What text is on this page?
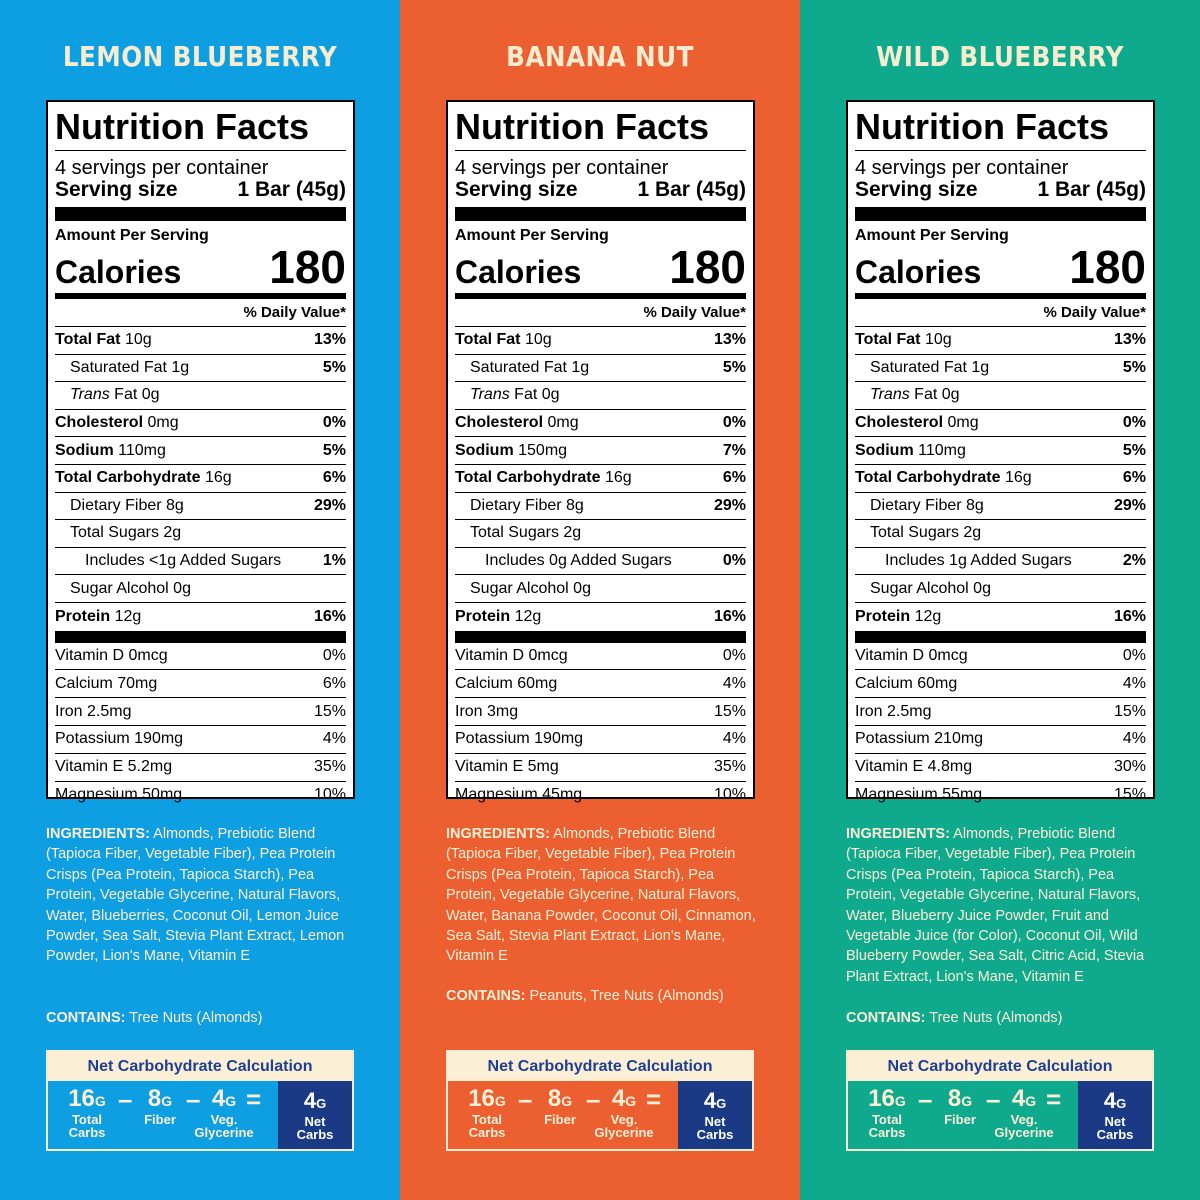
LEMON BLUEBERRY
Nutrition Facts
4 servings per container
Serving size	1 Bar (45g)
Amount Per Serving
Calories 180
% Daily Value*
Total Fat 10g	13%
Saturated Fat 1g	5%
Trans Fat 0g
Cholesterol 0mg	0%
Sodium 110mg	5%
Total Carbohydrate 16g	6%
Dietary Fiber 8g	29%
Total Sugars 2g
Includes <1g Added Sugars	1%
Sugar Alcohol 0g
Protein 12g	16%
Vitamin D 0mcg	0%
Calcium 70mg	6%
Iron 2.5mg	15%
Potassium 190mg	4%
Vitamin E 5.2mg	35%
Magnesium 50mg	10%
INGREDIENTS: Almonds, Prebiotic Blend (Tapioca Fiber, Vegetable Fiber), Pea Protein Crisps (Pea Protein, Tapioca Starch), Pea Protein, Vegetable Glycerine, Natural Flavors, Water, Blueberries, Coconut Oil, Lemon Juice Powder, Sea Salt, Stevia Plant Extract, Lemon Powder, Lion's Mane, Vitamin E
CONTAINS: Tree Nuts (Almonds)
Net Carbohydrate Calculation
16G
Total
Carbs
– 8G
Fiber
– 4G
Veg.
Glycerine
= 4G
Net
Carbs
BANANA NUT
Nutrition Facts
4 servings per container
Serving size	1 Bar (45g)
Amount Per Serving
Calories 180
% Daily Value*
Total Fat 10g	13%
Saturated Fat 1g	5%
Trans Fat 0g
Cholesterol 0mg	0%
Sodium 150mg	7%
Total Carbohydrate 16g	6%
Dietary Fiber 8g	29%
Total Sugars 2g
Includes 0g Added Sugars	0%
Sugar Alcohol 0g
Protein 12g	16%
Vitamin D 0mcg	0%
Calcium 60mg	4%
Iron 3mg	15%
Potassium 190mg	4%
Vitamin E 5mg	35%
Magnesium 45mg	10%
INGREDIENTS: Almonds, Prebiotic Blend (Tapioca Fiber, Vegetable Fiber), Pea Protein Crisps (Pea Protein, Tapioca Starch), Pea Protein, Vegetable Glycerine, Natural Flavors, Water, Banana Powder, Coconut Oil, Cinnamon, Sea Salt, Stevia Plant Extract, Lion's Mane, Vitamin E
CONTAINS: Peanuts, Tree Nuts (Almonds)
Net Carbohydrate Calculation
16G
Total
Carbs
– 8G
Fiber
– 4G
Veg.
Glycerine
= 4G
Net
Carbs
WILD BLUEBERRY
Nutrition Facts
4 servings per container
Serving size	1 Bar (45g)
Amount Per Serving
Calories 180
% Daily Value*
Total Fat 10g	13%
Saturated Fat 1g	5%
Trans Fat 0g
Cholesterol 0mg	0%
Sodium 110mg	5%
Total Carbohydrate 16g	6%
Dietary Fiber 8g	29%
Total Sugars 2g
Includes 1g Added Sugars	2%
Sugar Alcohol 0g
Protein 12g	16%
Vitamin D 0mcg	0%
Calcium 60mg	4%
Iron 2.5mg	15%
Potassium 210mg	4%
Vitamin E 4.8mg	30%
Magnesium 55mg	15%
INGREDIENTS: Almonds, Prebiotic Blend (Tapioca Fiber, Vegetable Fiber), Pea Protein Crisps (Pea Protein, Tapioca Starch), Pea Protein, Vegetable Glycerine, Natural Flavors, Water, Blueberry Juice Powder, Fruit and Vegetable Juice (for Color), Coconut Oil, Wild Blueberry Powder, Sea Salt, Citric Acid, Stevia Plant Extract, Lion's Mane, Vitamin E
CONTAINS: Tree Nuts (Almonds)
Net Carbohydrate Calculation
16G
Total
Carbs
– 8G
Fiber
– 4G
Veg.
Glycerine
= 4G
Net
Carbs
